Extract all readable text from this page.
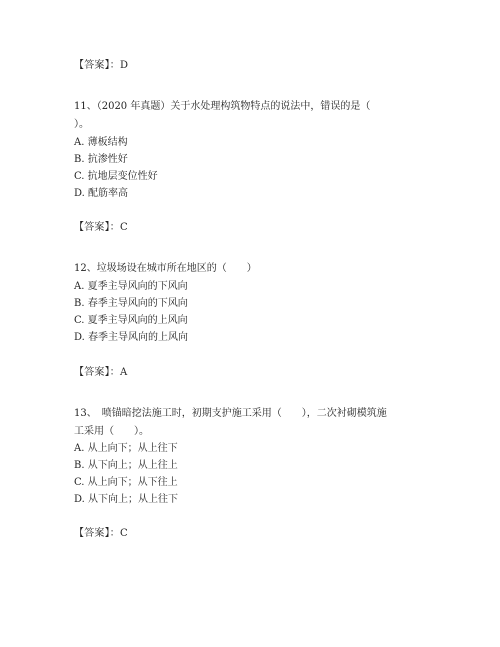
【答案】：D
11、（2020 年真题）关于水处理构筑物特点的说法中，错误的是（
）。
A. 薄板结构
B. 抗渗性好
C. 抗地层变位性好
D. 配筋率高
【答案】：C
12、垃圾场设在城市所在地区的（　　）
A. 夏季主导风向的下风向
B. 春季主导风向的下风向
C. 夏季主导风向的上风向
D. 春季主导风向的上风向
【答案】：A
13、　喷锚暗挖法施工时，初期支护施工采用（　　），二次衬砌模筑施
工采用（　　）。
A. 从上向下；从上往下
B. 从下向上；从上往上
C. 从上向下；从下往上
D. 从下向上；从上往下
【答案】：C
